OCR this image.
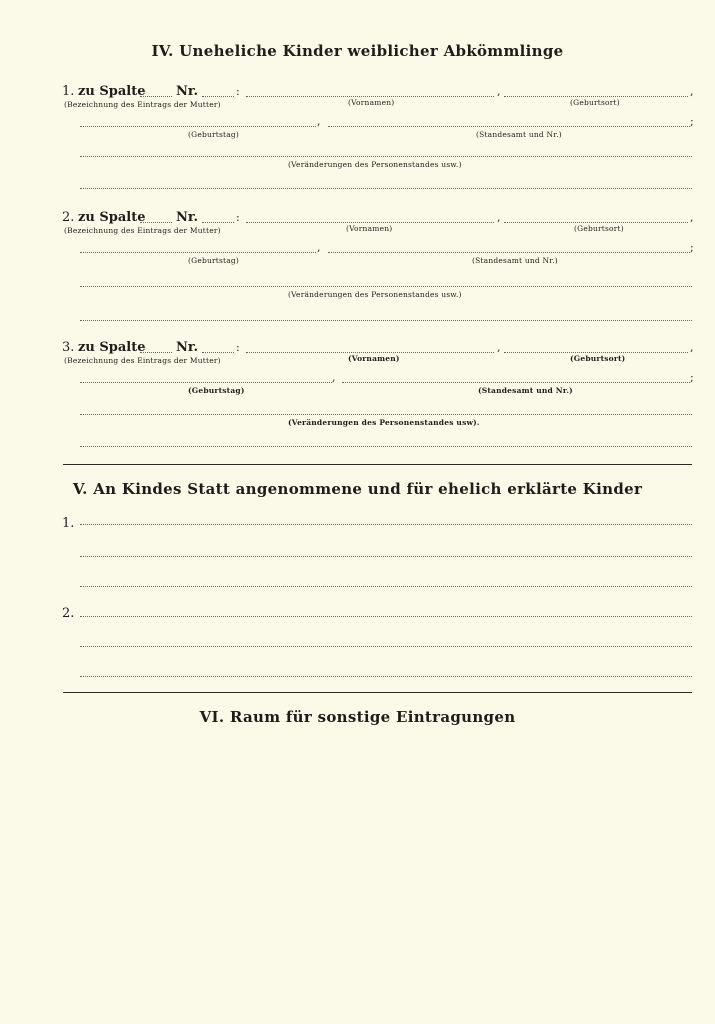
IV. Uneheliche Kinder weiblicher Abkömmlinge
1. zu Spalte Nr.	:	,	,
(Bezeichnung des Eintrags der Mutter)	(Vornamen)	(Geburtsort)
,	;
(Geburtstag)	(Standesamt und Nr.)
(Veränderungen des Personenstandes usw.)
2. zu Spalte Nr.	:	,	,
(Bezeichnung des Eintrags der Mutter)	(Vornamen)	(Geburtsort)
,	;
(Geburtstag)	(Standesamt und Nr.)
(Veränderungen des Personenstandes usw.)
3. zu Spalte Nr.	:	,	,
(Bezeichnung des Eintrags der Mutter)	(Vornamen)	(Geburtsort)
,	;
(Geburtstag)	(Standesamt und Nr.)
(Veränderungen des Personenstandes usw).
V. An Kindes Statt angenommene und für ehelich erklärte Kinder
1.
2.
VI. Raum für sonstige Eintragungen
